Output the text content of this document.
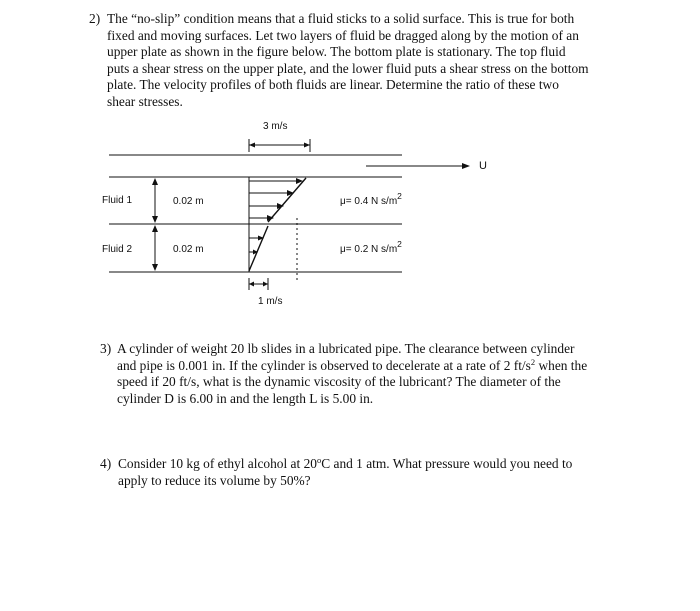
2) The “no-slip” condition means that a fluid sticks to a solid surface. This is true for both
fixed and moving surfaces. Let two layers of fluid be dragged along by the motion of an
upper plate as shown in the figure below. The bottom plate is stationary. The top fluid
puts a shear stress on the upper plate, and the lower fluid puts a shear stress on the bottom
plate. The velocity profiles of both fluids are linear. Determine the ratio of these two
shear stresses.
3 m/s
U
Fluid 1
Fluid 2
0.02 m
0.02 m
μ= 0.4 N $s/m^2$
μ= 0.2 N $s/m^2$
1 m/s
3) A cylinder of weight 20 lb slides in a lubricated pipe. The clearance between cylinder
and pipe is 0.001 in. If the cylinder is observed to decelerate at a rate of 2 $ft/s^2$ when the
speed if 20 ft/s, what is the dynamic viscosity of the lubricant? The diameter of the
cylinder D is 6.00 in and the length L is 5.00 in.
4) Consider 10 kg of ethyl alcohol at 20$^o$C and 1 atm. What pressure would you need to
apply to reduce its volume by 50%?
